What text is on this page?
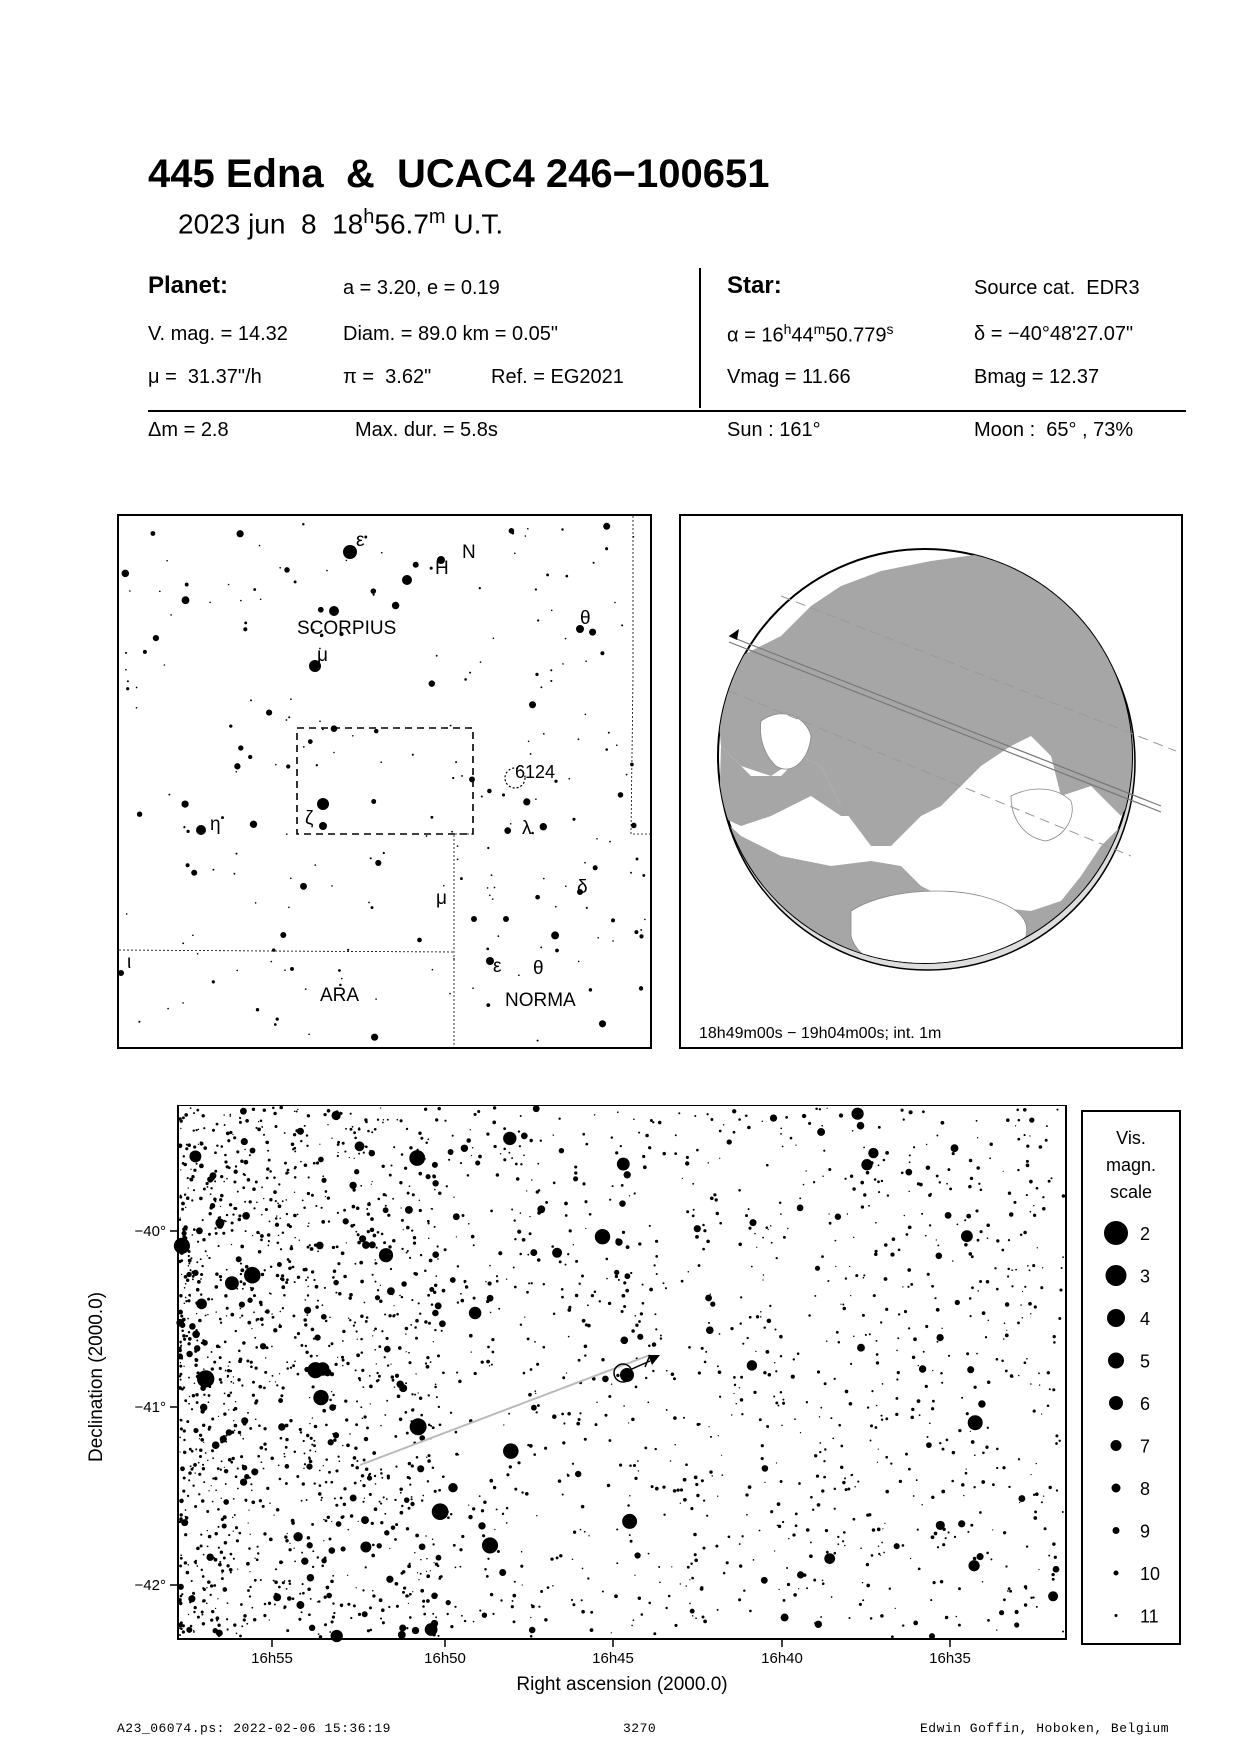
445 Edna  &  UCAC4 246−100651
2023 jun  8  18$^h$56.7$^m$ U.T.
Planet:	a = 3.20, e = 0.19
V. mag. = 14.32	Diam. = 89.0 km = 0.05"
μ =  31.37"/h	π =  3.62"	Ref. = EG2021
Δm = 2.8	Max. dur. = 5.8s
Star:	Source cat.  EDR3
$\alpha = 16^h44^m50.779^s$	δ = −40°48'27.07"
Vmag = 11.66	Bmag = 12.37
Sun : 161°	Moon :  65° , 73%
6124
SCORPIUS
ARA	NORMA
ε
N
H
θ
μ
η	ζ	λ
μ
δ
ι	ε θ
18h49m00s − 19h04m00s; int. 1m
−40°
−41°
−42°
16h55	16h50	16h45	16h40	16h35
Declination (2000.0)
Right ascension (2000.0)
Vis.
magn.
scale
2
3
4
5
6
7
8
9
10
11
A23_06074.ps: 2022-02-06 15:36:19	3270	Edwin Goffin, Hoboken, Belgium
